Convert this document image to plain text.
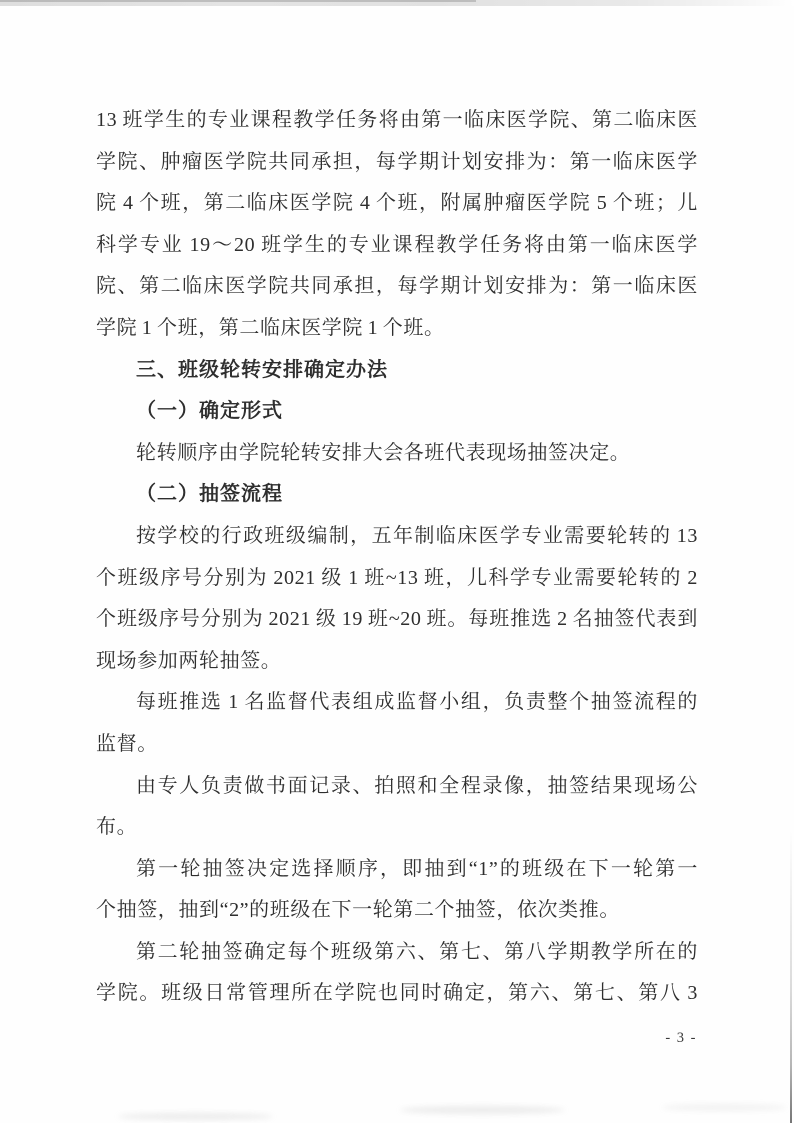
13 班学生的专业课程教学任务将由第一临床医学院、第二临床医
学院、肿瘤医学院共同承担，每学期计划安排为：第一临床医学
院 4 个班，第二临床医学院 4 个班，附属肿瘤医学院 5 个班；儿
科学专业 19～20 班学生的专业课程教学任务将由第一临床医学
院、第二临床医学院共同承担，每学期计划安排为：第一临床医
学院 1 个班，第二临床医学院 1 个班。
三、班级轮转安排确定办法
（一）确定形式
轮转顺序由学院轮转安排大会各班代表现场抽签决定。
（二）抽签流程
按学校的行政班级编制，五年制临床医学专业需要轮转的 13
个班级序号分别为 2021 级 1 班~13 班，儿科学专业需要轮转的 2
个班级序号分别为 2021 级 19 班~20 班。每班推选 2 名抽签代表到
现场参加两轮抽签。
每班推选 1 名监督代表组成监督小组，负责整个抽签流程的
监督。
由专人负责做书面记录、拍照和全程录像，抽签结果现场公
布。
第一轮抽签决定选择顺序，即抽到“1”的班级在下一轮第一
个抽签，抽到“2”的班级在下一轮第二个抽签，依次类推。
第二轮抽签确定每个班级第六、第七、第八学期教学所在的
学院。班级日常管理所在学院也同时确定，第六、第七、第八 3
- 3 -
